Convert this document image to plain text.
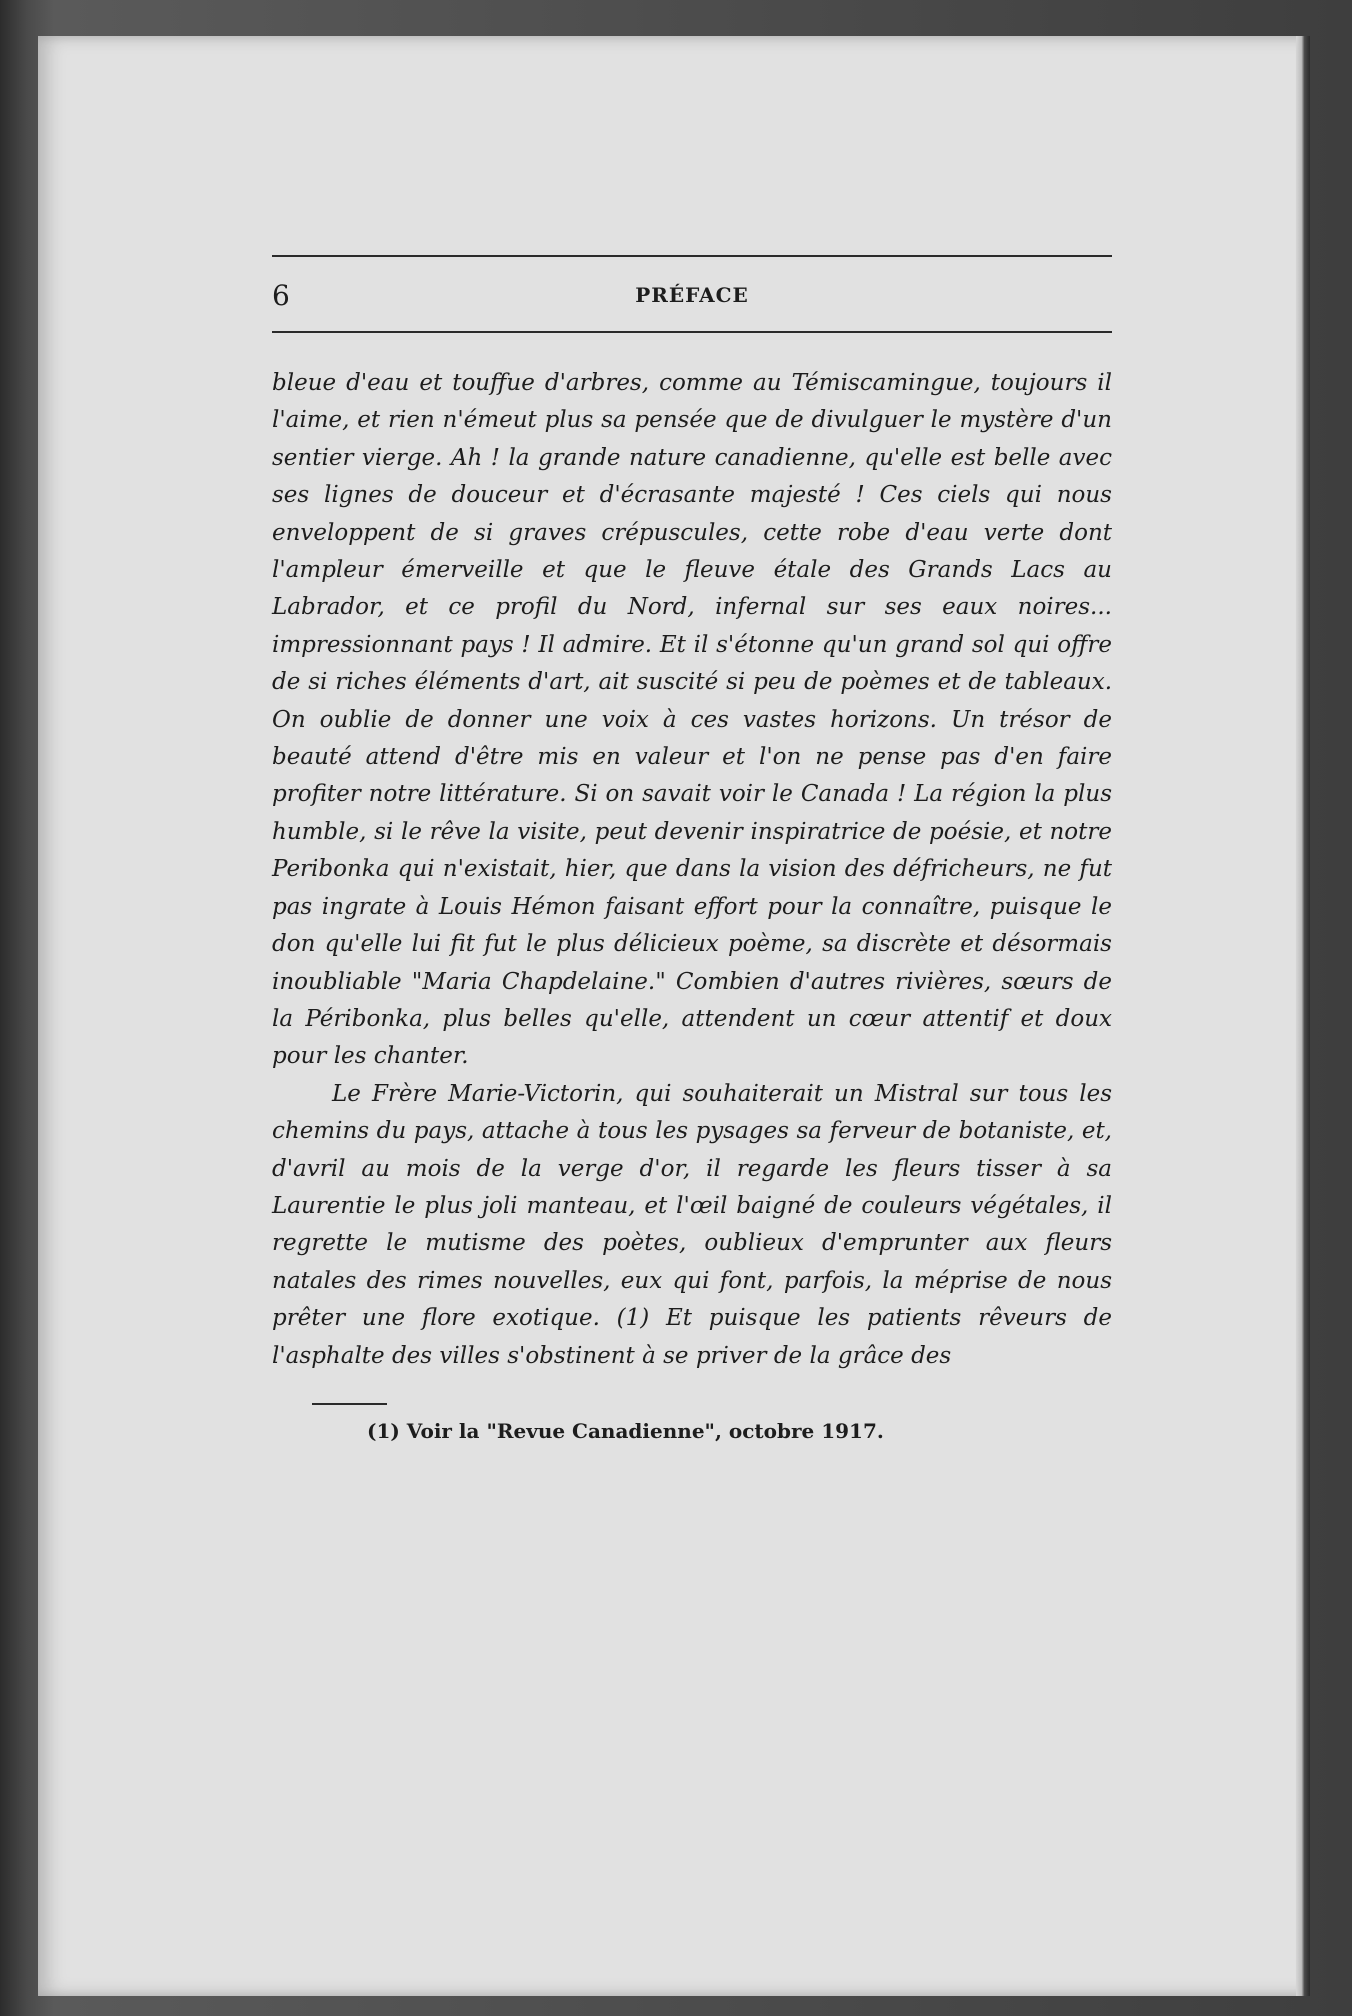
6	PRÉFACE

bleue d'eau et touffue d'arbres, comme au Témiscamingue, toujours il l'aime, et rien n'émeut plus sa pensée que de divulguer le mystère d'un sentier vierge. Ah ! la grande nature canadienne, qu'elle est belle avec ses lignes de douceur et d'écrasante majesté ! Ces ciels qui nous enveloppent de si graves crépuscules, cette robe d'eau verte dont l'ampleur émerveille et que le fleuve étale des Grands Lacs au Labrador, et ce profil du Nord, infernal sur ses eaux noires... impressionnant pays ! Il admire. Et il s'étonne qu'un grand sol qui offre de si riches éléments d'art, ait suscité si peu de poèmes et de tableaux. On oublie de donner une voix à ces vastes horizons. Un trésor de beauté attend d'être mis en valeur et l'on ne pense pas d'en faire profiter notre littérature. Si on savait voir le Canada ! La région la plus humble, si le rêve la visite, peut devenir inspiratrice de poésie, et notre Peribonka qui n'existait, hier, que dans la vision des défricheurs, ne fut pas ingrate à Louis Hémon faisant effort pour la connaître, puisque le don qu'elle lui fit fut le plus délicieux poème, sa discrète et désormais inoubliable "Maria Chapdelaine." Combien d'autres rivières, sœurs de la Péribonka, plus belles qu'elle, attendent un cœur attentif et doux pour les chanter.

Le Frère Marie-Victorin, qui souhaiterait un Mistral sur tous les chemins du pays, attache à tous les pysages sa ferveur de botaniste, et, d'avril au mois de la verge d'or, il regarde les fleurs tisser à sa Laurentie le plus joli manteau, et l'œil baigné de couleurs végétales, il regrette le mutisme des poètes, oublieux d'emprunter aux fleurs natales des rimes nouvelles, eux qui font, parfois, la méprise de nous prêter une flore exotique. (1) Et puisque les patients rêveurs de l'asphalte des villes s'obstinent à se priver de la grâce des

(1) Voir la "Revue Canadienne", octobre 1917.
